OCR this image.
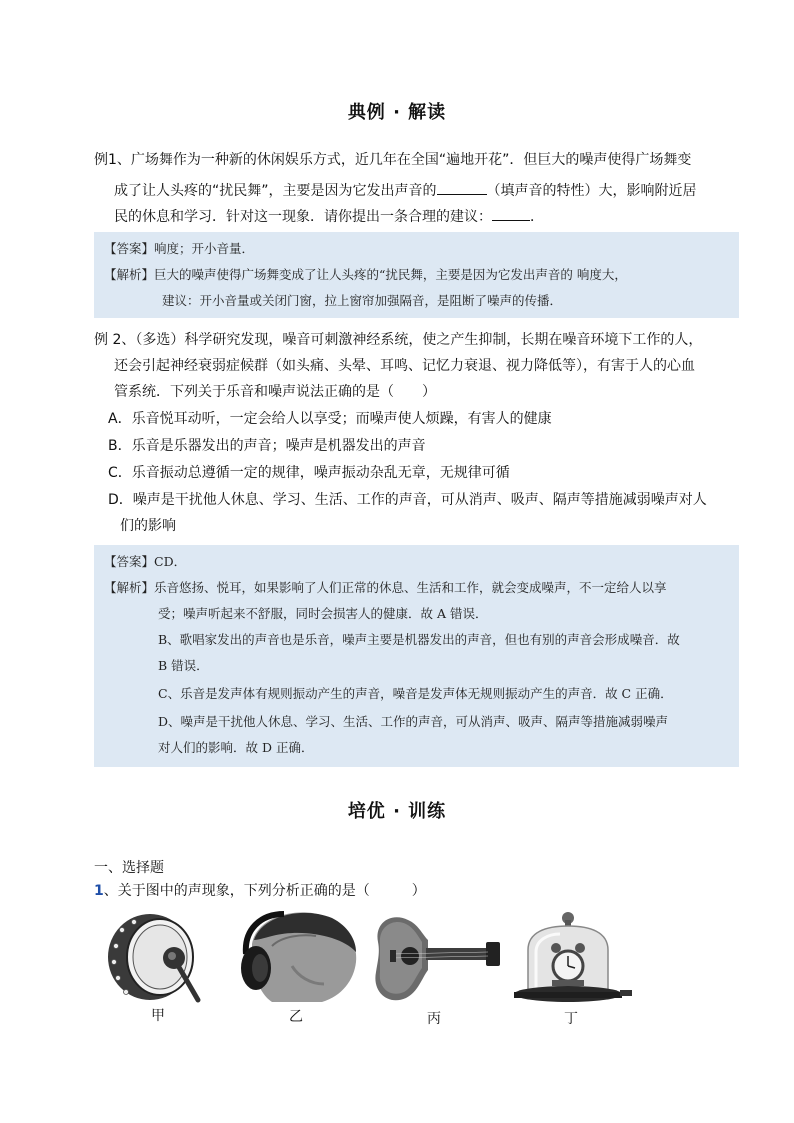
典例 · 解读
例1、广场舞作为一种新的休闲娱乐方式，近几年在全国“遍地开花”．但巨大的噪声使得广场舞变
成了让人头疼的“扰民舞”，主要是因为它发出声音的	（填声音的特性）大，影响附近居
民的休息和学习．针对这一现象．请你提出一条合理的建议：	．
【答案】响度；开小音量．
【解析】巨大的噪声使得广场舞变成了让人头疼的“扰民舞，主要是因为它发出声音的 响度大，
建议：开小音量或关闭门窗，拉上窗帘加强隔音，是阻断了噪声的传播．
例 2、（多选）科学研究发现，噪音可刺激神经系统，使之产生抑制，长期在噪音环境下工作的人，
还会引起神经衰弱症候群（如头痛、头晕、耳鸣、记忆力衰退、视力降低等），有害于人的心血
管系统．下列关于乐音和噪声说法正确的是（　　）
A．乐音悦耳动听，一定会给人以享受；而噪声使人烦躁，有害人的健康
B．乐音是乐器发出的声音；噪声是机器发出的声音
C．乐音振动总遵循一定的规律，噪声振动杂乱无章，无规律可循
D．噪声是干扰他人休息、学习、生活、工作的声音，可从消声、吸声、隔声等措施减弱噪声对人
们的影响
【答案】CD．
【解析】乐音悠扬、悦耳，如果影响了人们正常的休息、生活和工作，就会变成噪声，不一定给人以享
受；噪声听起来不舒服，同时会损害人的健康．故 A 错误．
B、歌唱家发出的声音也是乐音，噪声主要是机器发出的声音，但也有别的声音会形成噪音．故
B 错误．
C、乐音是发声体有规则振动产生的声音，噪音是发声体无规则振动产生的声音．故 C 正确．
D、噪声是干扰他人休息、学习、生活、工作的声音，可从消声、吸声、隔声等措施减弱噪声
对人们的影响．故 D 正确．
培优 · 训练
一、选择题
1、关于图中的声现象，下列分析正确的是（　　　）
甲	乙	丙	丁
